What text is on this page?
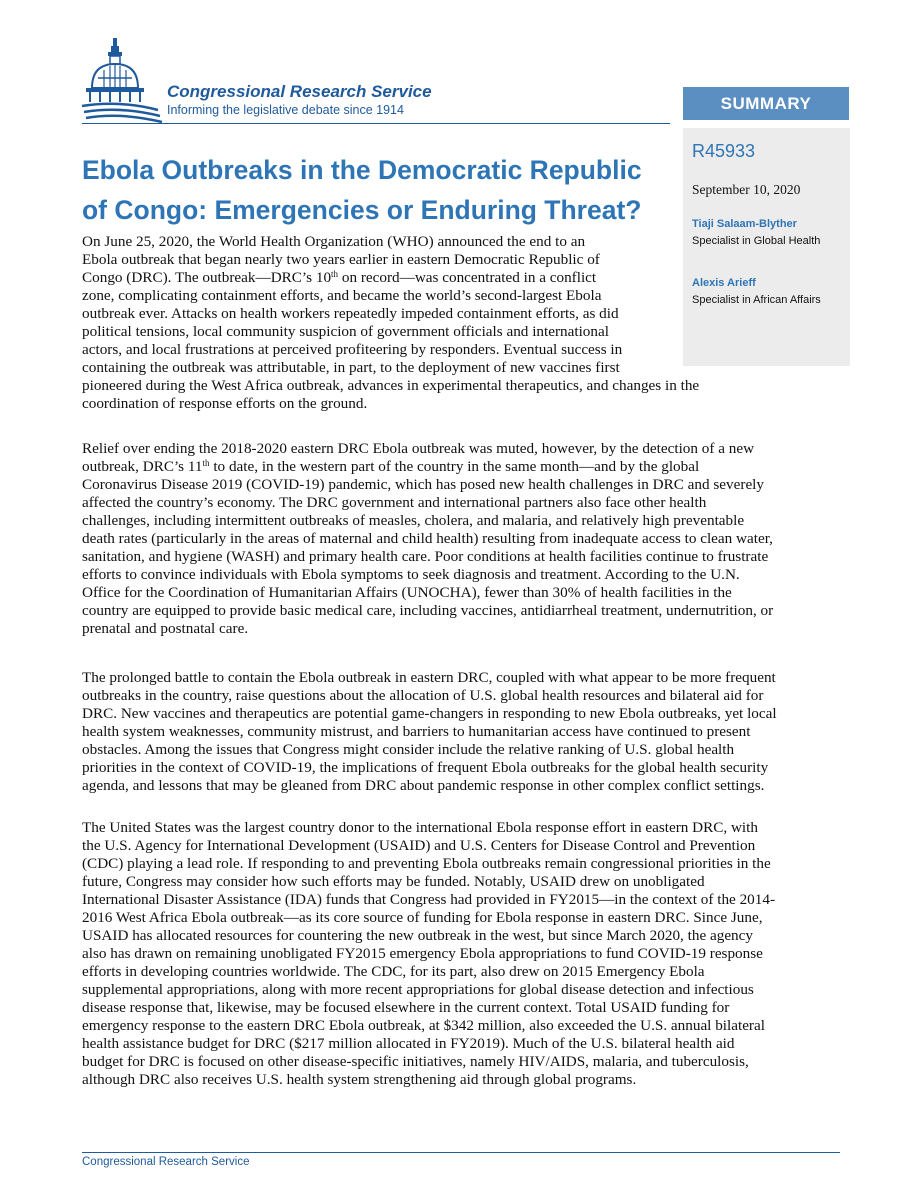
Congressional Research Service
Informing the legislative debate since 1914	SUMMARY
R45933
September 10, 2020
Tiaji Salaam-Blyther
Specialist in Global Health
Alexis Arieff
Specialist in African Affairs
Ebola Outbreaks in the Democratic Republic of Congo: Emergencies or Enduring Threat?
On June 25, 2020, the World Health Organization (WHO) announced the end to an
Ebola outbreak that began nearly two years earlier in eastern Democratic Republic of
Congo (DRC). The outbreak—DRC’s 10th on record—was concentrated in a conflict
zone, complicating containment efforts, and became the world’s second-largest Ebola
outbreak ever. Attacks on health workers repeatedly impeded containment efforts, as did
political tensions, local community suspicion of government officials and international
actors, and local frustrations at perceived profiteering by responders. Eventual success in
containing the outbreak was attributable, in part, to the deployment of new vaccines first
pioneered during the West Africa outbreak, advances in experimental therapeutics, and changes in the
coordination of response efforts on the ground.
Relief over ending the 2018-2020 eastern DRC Ebola outbreak was muted, however, by the detection of a new
outbreak, DRC’s 11th to date, in the western part of the country in the same month—and by the global
Coronavirus Disease 2019 (COVID-19) pandemic, which has posed new health challenges in DRC and severely
affected the country’s economy. The DRC government and international partners also face other health
challenges, including intermittent outbreaks of measles, cholera, and malaria, and relatively high preventable
death rates (particularly in the areas of maternal and child health) resulting from inadequate access to clean water,
sanitation, and hygiene (WASH) and primary health care. Poor conditions at health facilities continue to frustrate
efforts to convince individuals with Ebola symptoms to seek diagnosis and treatment. According to the U.N.
Office for the Coordination of Humanitarian Affairs (UNOCHA), fewer than 30% of health facilities in the
country are equipped to provide basic medical care, including vaccines, antidiarrheal treatment, undernutrition, or
prenatal and postnatal care.
The prolonged battle to contain the Ebola outbreak in eastern DRC, coupled with what appear to be more frequent
outbreaks in the country, raise questions about the allocation of U.S. global health resources and bilateral aid for
DRC. New vaccines and therapeutics are potential game-changers in responding to new Ebola outbreaks, yet local
health system weaknesses, community mistrust, and barriers to humanitarian access have continued to present
obstacles. Among the issues that Congress might consider include the relative ranking of U.S. global health
priorities in the context of COVID-19, the implications of frequent Ebola outbreaks for the global health security
agenda, and lessons that may be gleaned from DRC about pandemic response in other complex conflict settings.
The United States was the largest country donor to the international Ebola response effort in eastern DRC, with
the U.S. Agency for International Development (USAID) and U.S. Centers for Disease Control and Prevention
(CDC) playing a lead role. If responding to and preventing Ebola outbreaks remain congressional priorities in the
future, Congress may consider how such efforts may be funded. Notably, USAID drew on unobligated
International Disaster Assistance (IDA) funds that Congress had provided in FY2015—in the context of the 2014-
2016 West Africa Ebola outbreak—as its core source of funding for Ebola response in eastern DRC. Since June,
USAID has allocated resources for countering the new outbreak in the west, but since March 2020, the agency
also has drawn on remaining unobligated FY2015 emergency Ebola appropriations to fund COVID-19 response
efforts in developing countries worldwide. The CDC, for its part, also drew on 2015 Emergency Ebola
supplemental appropriations, along with more recent appropriations for global disease detection and infectious
disease response that, likewise, may be focused elsewhere in the current context. Total USAID funding for
emergency response to the eastern DRC Ebola outbreak, at $342 million, also exceeded the U.S. annual bilateral
health assistance budget for DRC ($217 million allocated in FY2019). Much of the U.S. bilateral health aid
budget for DRC is focused on other disease-specific initiatives, namely HIV/AIDS, malaria, and tuberculosis,
although DRC also receives U.S. health system strengthening aid through global programs.
Congressional Research Service
